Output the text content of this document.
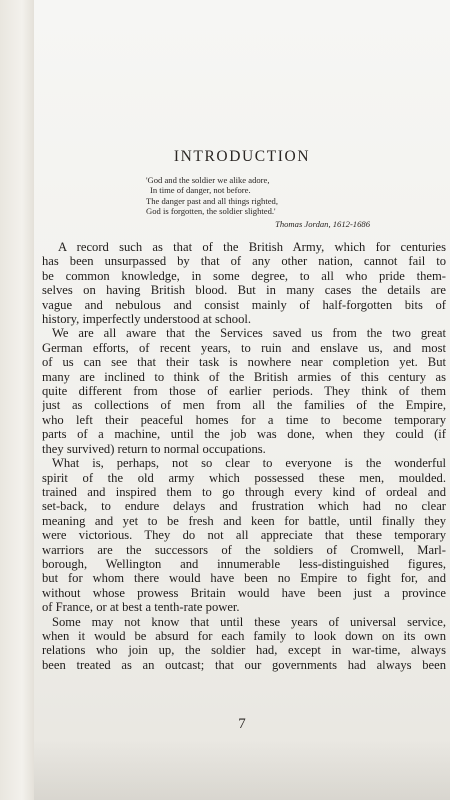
INTRODUCTION
'God and the soldier we alike adore,
In time of danger, not before.
The danger past and all things righted,
God is forgotten, the soldier slighted.'
Thomas Jordan, 1612-1686
A record such as that of the British Army, which for centuries
has been unsurpassed by that of any other nation, cannot fail to
be common knowledge, in some degree, to all who pride them-
selves on having British blood. But in many cases the details are
vague and nebulous and consist mainly of half-forgotten bits of
history, imperfectly understood at school.
We are all aware that the Services saved us from the two great
German efforts, of recent years, to ruin and enslave us, and most
of us can see that their task is nowhere near completion yet. But
many are inclined to think of the British armies of this century as
quite different from those of earlier periods. They think of them
just as collections of men from all the families of the Empire,
who left their peaceful homes for a time to become temporary
parts of a machine, until the job was done, when they could (if
they survived) return to normal occupations.
What is, perhaps, not so clear to everyone is the wonderful
spirit of the old army which possessed these men, moulded.
trained and inspired them to go through every kind of ordeal and
set-back, to endure delays and frustration which had no clear
meaning and yet to be fresh and keen for battle, until finally they
were victorious. They do not all appreciate that these temporary
warriors are the successors of the soldiers of Cromwell, Marl-
borough, Wellington and innumerable less-distinguished figures,
but for whom there would have been no Empire to fight for, and
without whose prowess Britain would have been just a province
of France, or at best a tenth-rate power.
Some may not know that until these years of universal service,
when it would be absurd for each family to look down on its own
relations who join up, the soldier had, except in war-time, always
been treated as an outcast; that our governments had always been
7
